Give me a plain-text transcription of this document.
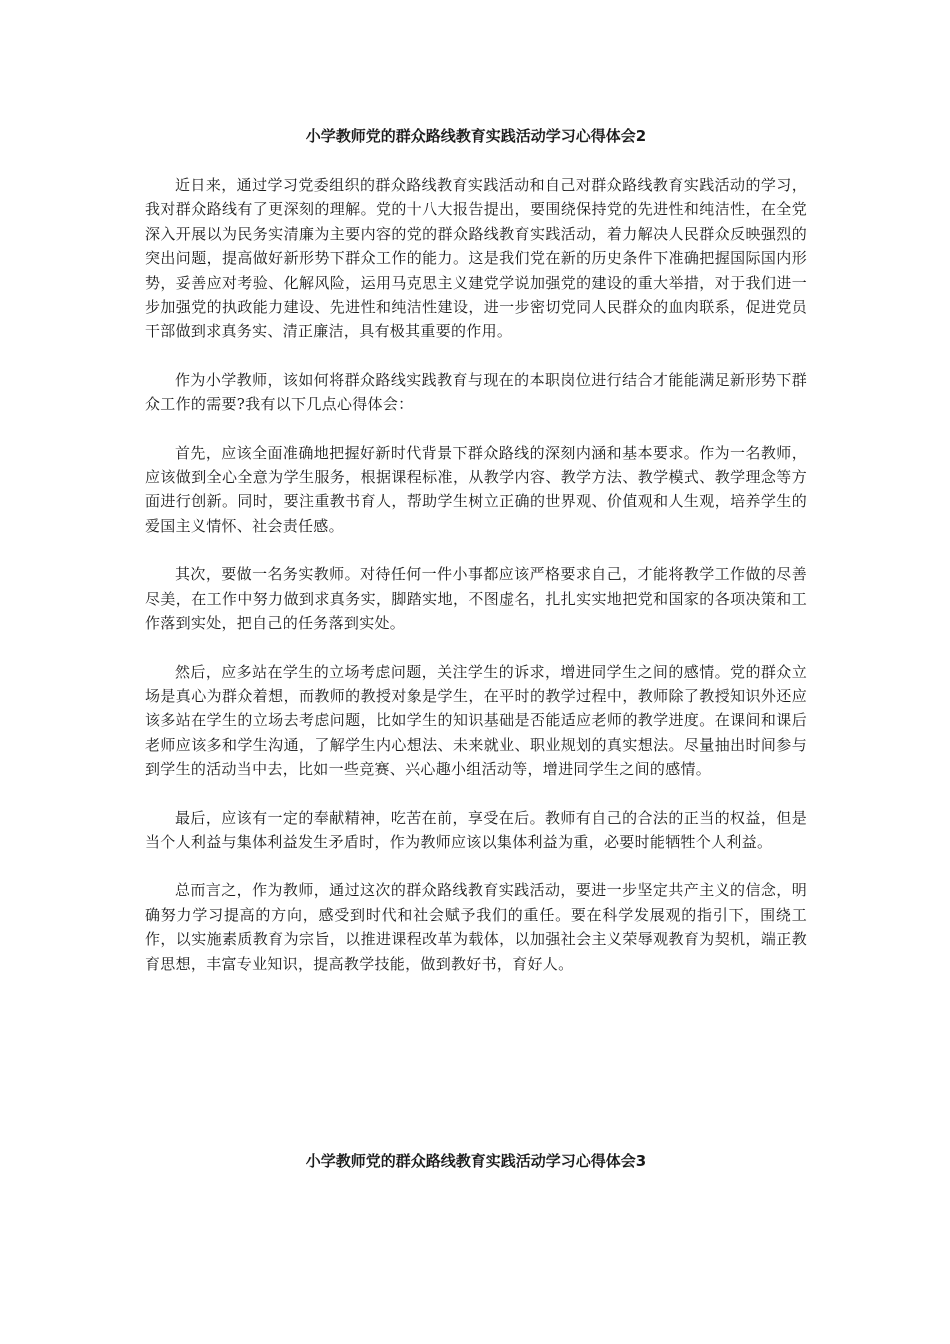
小学教师党的群众路线教育实践活动学习心得体会2

近日来，通过学习党委组织的群众路线教育实践活动和自己对群众路线教育实践活动的学习，我对群众路线有了更深刻的理解。党的十八大报告提出，要围绕保持党的先进性和纯洁性，在全党深入开展以为民务实清廉为主要内容的党的群众路线教育实践活动，着力解决人民群众反映强烈的突出问题，提高做好新形势下群众工作的能力。这是我们党在新的历史条件下准确把握国际国内形势，妥善应对考验、化解风险，运用马克思主义建党学说加强党的建设的重大举措，对于我们进一步加强党的执政能力建设、先进性和纯洁性建设，进一步密切党同人民群众的血肉联系，促进党员干部做到求真务实、清正廉洁，具有极其重要的作用。

作为小学教师，该如何将群众路线实践教育与现在的本职岗位进行结合才能能满足新形势下群众工作的需要?我有以下几点心得体会：

首先，应该全面准确地把握好新时代背景下群众路线的深刻内涵和基本要求。作为一名教师，应该做到全心全意为学生服务，根据课程标准，从教学内容、教学方法、教学模式、教学理念等方面进行创新。同时，要注重教书育人，帮助学生树立正确的世界观、价值观和人生观，培养学生的爱国主义情怀、社会责任感。

其次，要做一名务实教师。对待任何一件小事都应该严格要求自己，才能将教学工作做的尽善尽美，在工作中努力做到求真务实，脚踏实地，不图虚名，扎扎实实地把党和国家的各项决策和工作落到实处，把自己的任务落到实处。

然后，应多站在学生的立场考虑问题，关注学生的诉求，增进同学生之间的感情。党的群众立场是真心为群众着想，而教师的教授对象是学生，在平时的教学过程中，教师除了教授知识外还应该多站在学生的立场去考虑问题，比如学生的知识基础是否能适应老师的教学进度。在课间和课后老师应该多和学生沟通，了解学生内心想法、未来就业、职业规划的真实想法。尽量抽出时间参与到学生的活动当中去，比如一些竞赛、兴心趣小组活动等，增进同学生之间的感情。

最后，应该有一定的奉献精神，吃苦在前，享受在后。教师有自己的合法的正当的权益，但是当个人利益与集体利益发生矛盾时，作为教师应该以集体利益为重，必要时能牺牲个人利益。

总而言之，作为教师，通过这次的群众路线教育实践活动，要进一步坚定共产主义的信念，明确努力学习提高的方向，感受到时代和社会赋予我们的重任。要在科学发展观的指引下，围绕工作，以实施素质教育为宗旨，以推进课程改革为载体，以加强社会主义荣辱观教育为契机，端正教育思想，丰富专业知识，提高教学技能，做到教好书，育好人。

小学教师党的群众路线教育实践活动学习心得体会3
